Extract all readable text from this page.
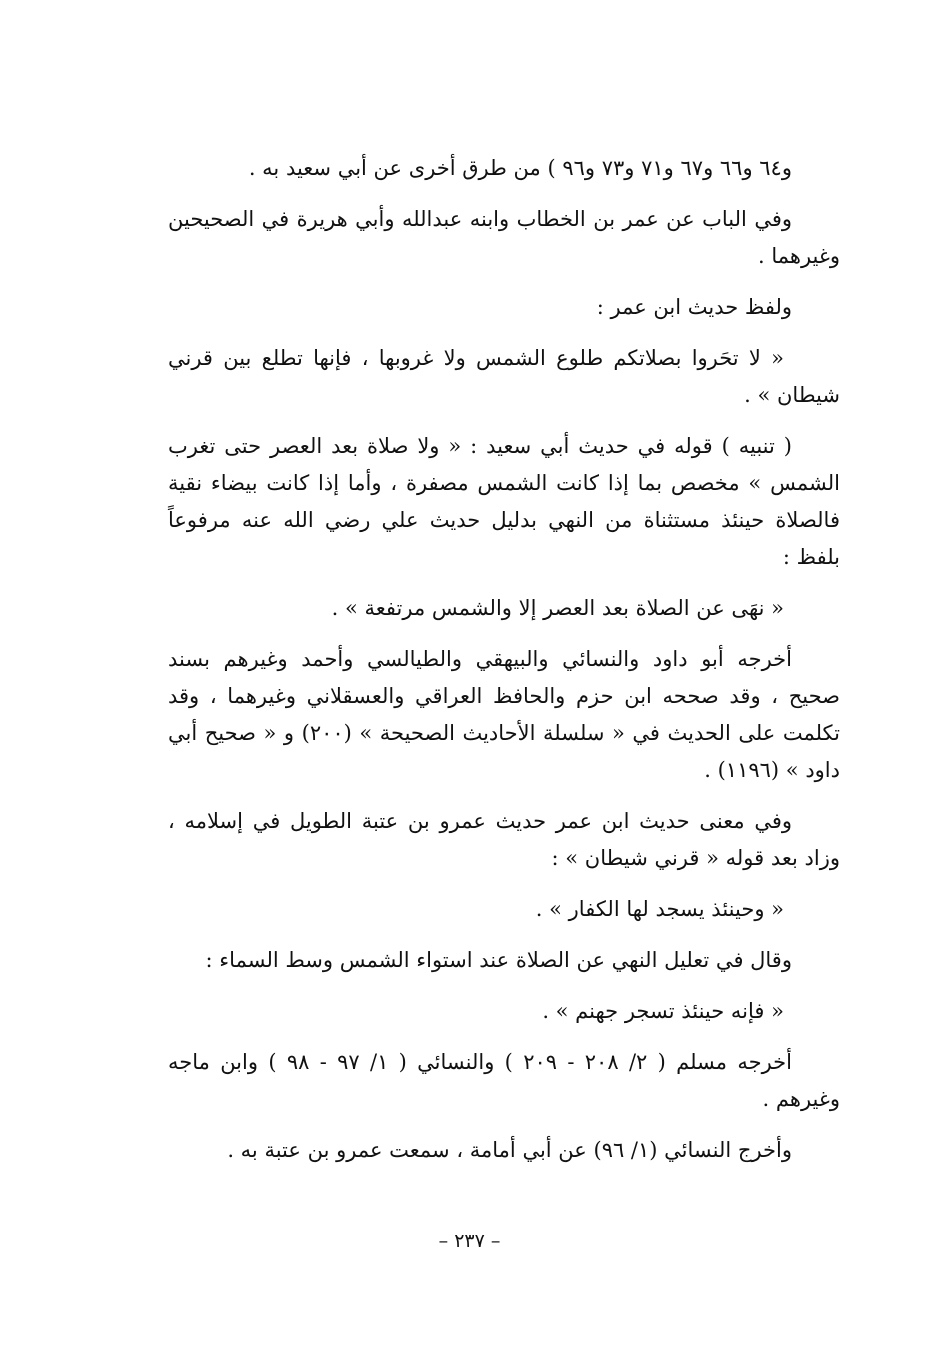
و٦٤ و٦٦ و٦٧ و٧١ و٧٣ و٩٦ ) من طرق أخرى عن أبي سعيد به .

وفي الباب عن عمر بن الخطاب وابنه عبدالله وأبي هريرة في الصحيحين وغيرهما .

ولفظ حديث ابن عمر :

« لا تحَروا بصلاتكم طلوع الشمس ولا غروبها ، فإنها تطلع بين قرني شيطان » .

( تنبيه ) قوله في حديث أبي سعيد : « ولا صلاة بعد العصر حتى تغرب الشمس » مخصص بما إذا كانت الشمس مصفرة ، وأما إذا كانت بيضاء نقية فالصلاة حينئذ مستثناة من النهي بدليل حديث علي رضي الله عنه مرفوعاً بلفظ :

« نهَى عن الصلاة بعد العصر إلا والشمس مرتفعة » .

أخرجه أبو داود والنسائي والبيهقي والطيالسي وأحمد وغيرهم بسند صحيح ، وقد صححه ابن حزم والحافظ العراقي والعسقلاني وغيرهما ، وقد تكلمت على الحديث في « سلسلة الأحاديث الصحيحة » (٢٠٠) و « صحيح أبي داود » (١١٩٦) .

وفي معنى حديث ابن عمر حديث عمرو بن عتبة الطويل في إسلامه ، وزاد بعد قوله « قرني شيطان » :

« وحينئذ يسجد لها الكفار » .

وقال في تعليل النهي عن الصلاة عند استواء الشمس وسط السماء :

« فإنه حينئذ تسجر جهنم » .

أخرجه مسلم ( ٢/ ٢٠٨ - ٢٠٩ ) والنسائي ( ١/ ٩٧ - ٩٨ ) وابن ماجه وغيرهم .

وأخرج النسائي (١/ ٩٦) عن أبي أمامة ، سمعت عمرو بن عتبة به .

– ٢٣٧ –
